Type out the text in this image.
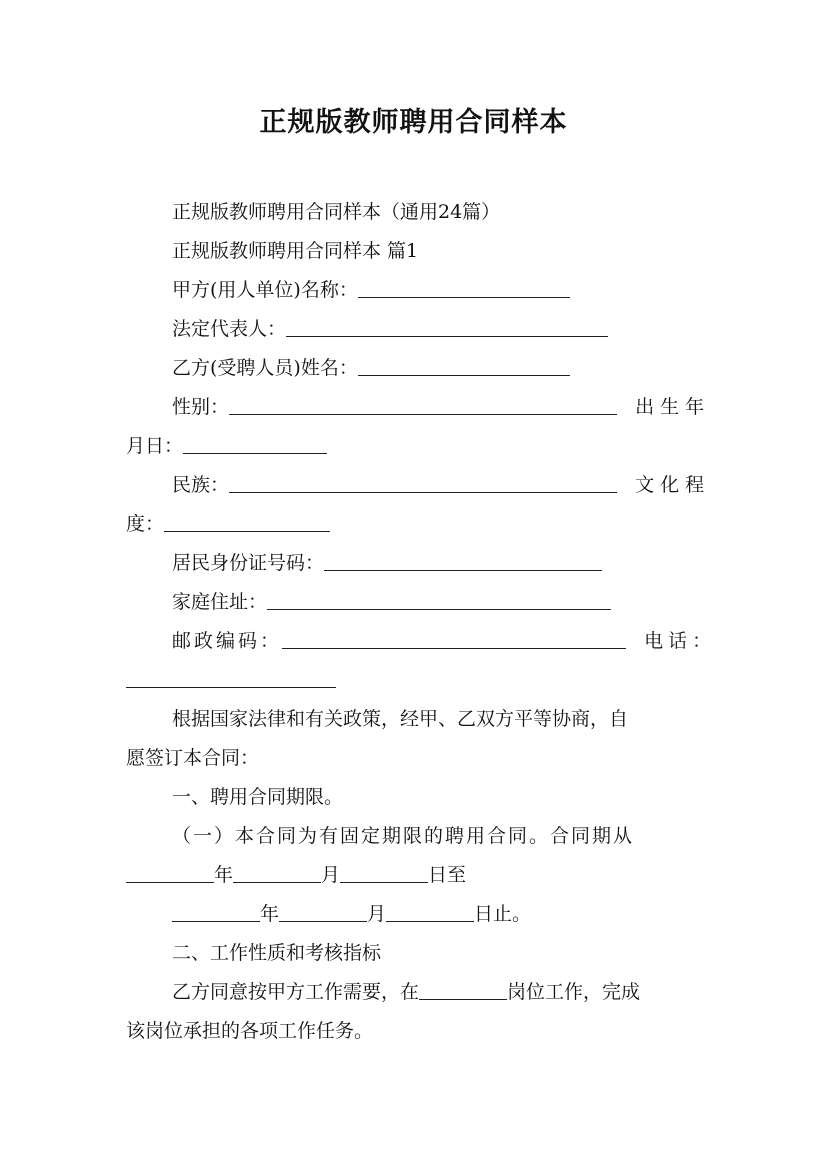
正规版教师聘用合同样本
正规版教师聘用合同样本（通用24篇）
正规版教师聘用合同样本 篇1
甲方(用人单位)名称：
法定代表人：
乙方(受聘人员)姓名：
性别：	出生年
月日：
民族：	文化程
度：
居民身份证号码：
家庭住址：
邮政编码：	电话：
根据国家法律和有关政策，经甲、乙双方平等协商，自
愿签订本合同：
一、聘用合同期限。
（一）本合同为有固定期限的聘用合同。合同期从
年	月	日至
年	月	日止。
二、工作性质和考核指标
乙方同意按甲方工作需要，在	岗位工作，完成
该岗位承担的各项工作任务。
